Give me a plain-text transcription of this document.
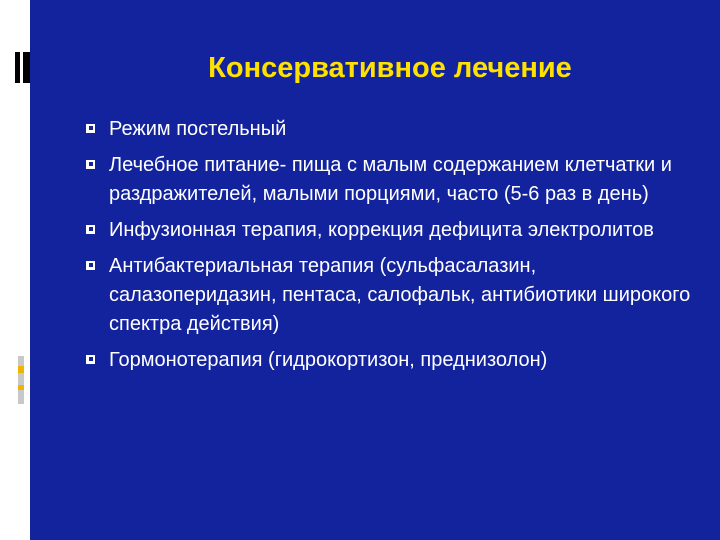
Консервативное лечение
Режим постельный
Лечебное питание- пища с малым содержанием клетчатки и раздражителей, малыми порциями, часто (5-6 раз в день)
Инфузионная терапия, коррекция дефицита электролитов
Антибактериальная терапия (сульфасалазин, салазоперидазин, пентаса, салофальк, антибиотики широкого спектра действия)
Гормонотерапия (гидрокортизон, преднизолон)
